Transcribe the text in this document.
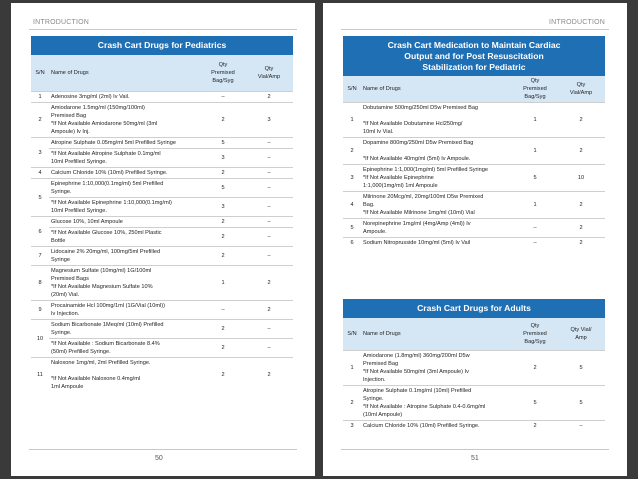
INTRODUCTION
Crash Cart Drugs for Pediatrics			
S/N	Name of Drugs	Qty
Premixed
Bag/Syg	Qty
Vial/Amp
1	Adenosine 3mg/ml (2ml) Iv Vail.	–	2
2	Amiodarone 1.5mg/ml (150mg/100ml)
Premixed Bag
*If Not Available Amiodarone 50mg/ml (3ml
Ampoule) Iv Inj.	2	3
3	Atropine Sulphate 0.05mg/ml 5ml Prefilled Syringe	5	–
	*If Not Available Atropine Sulphate 0.1mg/ml
10ml Prefilled Syringe.	3	–
4	Calcium Chloride 10% (10ml) Prefilled Syringe.	2	–
5	Epinephrine 1:10,000(0.1mg/ml) 5ml Prefilled
Syringe.	5	–
	*If Not Available Epinephrine 1:10,000(0.1mg/ml)
10ml Prefilled Syringe.	3	–
6	Glucose 10%, 10ml Ampoule	2	–
	*If Not Available Glucose 10%, 250ml Plastic
Bottle	2	–
7	Lidocaine 2% 20mg/ml, 100mg/5ml Prefilled
Syringe	2	–
8	Magnesium Sulfate (10mg/ml) 1G/100ml
Premixed Bags
*If Not Available Magnesium Sulfate 10%
(20ml) Vial.	1	2
9	Procainamide Hcl 100mg/1ml (1G/Vial (10ml))
Iv Injection.	–	2
10	Sodium Bicarbonate 1Meq/ml (10ml) Prefilled
Syringe.	2	–
	*If Not Available : Sodium Bicarbonate 8.4%
(50ml) Prefilled Syringe.	2	–
11	Naloxone 1mg/ml, 2ml Prefilled Syringe.

*If Not Available Naloxone 0.4mg/ml
1ml Ampoule	2	2
50
INTRODUCTION
Crash Cart Medication to Maintain Cardiac
Output and for Post Resuscitation
Stabilization for Pediatric			
S/N	Name of Drugs	Qty
Premixed
Bag/Syg	Qty
Vial/Amp
1	Dobutamine 500mg/250ml D5w Premixed Bag

*If Not Available Dobutamine Hcl250mg/
10ml Iv Vial.	1	2
2	Dopamine 800mg/250ml D5w Premixed Bag

*If Not Available 40mg/ml (5ml) Iv Ampoule.	1	2
3	Epinephrine 1:1,000(1mg/ml) 5ml Prefilled Syringe
*If Not Available Epinephrine
1:1,000(1mg/ml) 1ml Ampoule	5	10
4	Milrinone 20Mcg/ml, 20mg/100ml D5w Premixed
Bag.
*If Not Available Milrinone 1mg/ml (10ml) Vial	1	2
5	Norepinephrine 1mg/ml (4mg/Amp (4ml)) Iv
Ampoule.	–	2
6	Sodium Nitroprusside 10mg/ml (5ml) Iv Vail	–	2
Crash Cart Drugs for Adults			
S/N	Name of Drugs	Qty
Premixed
Bag/Syg	Qty Vial/
Amp
1	Amiodarone (1.8mg/ml) 360mg/200ml D5w
Premixed Bag
*If Not Available 50mg/ml (3ml Ampoule) Iv
Injection.	2	5
2	Atropine Sulphate 0.1mg/ml (10ml) Prefilled
Syringe.
*If Not Available : Atropine Sulphate 0.4-0.6mg/ml
(10ml Ampoule)	5	5
3	Calcium Chloride 10% (10ml) Prefilled Syringe.	2	–
51
